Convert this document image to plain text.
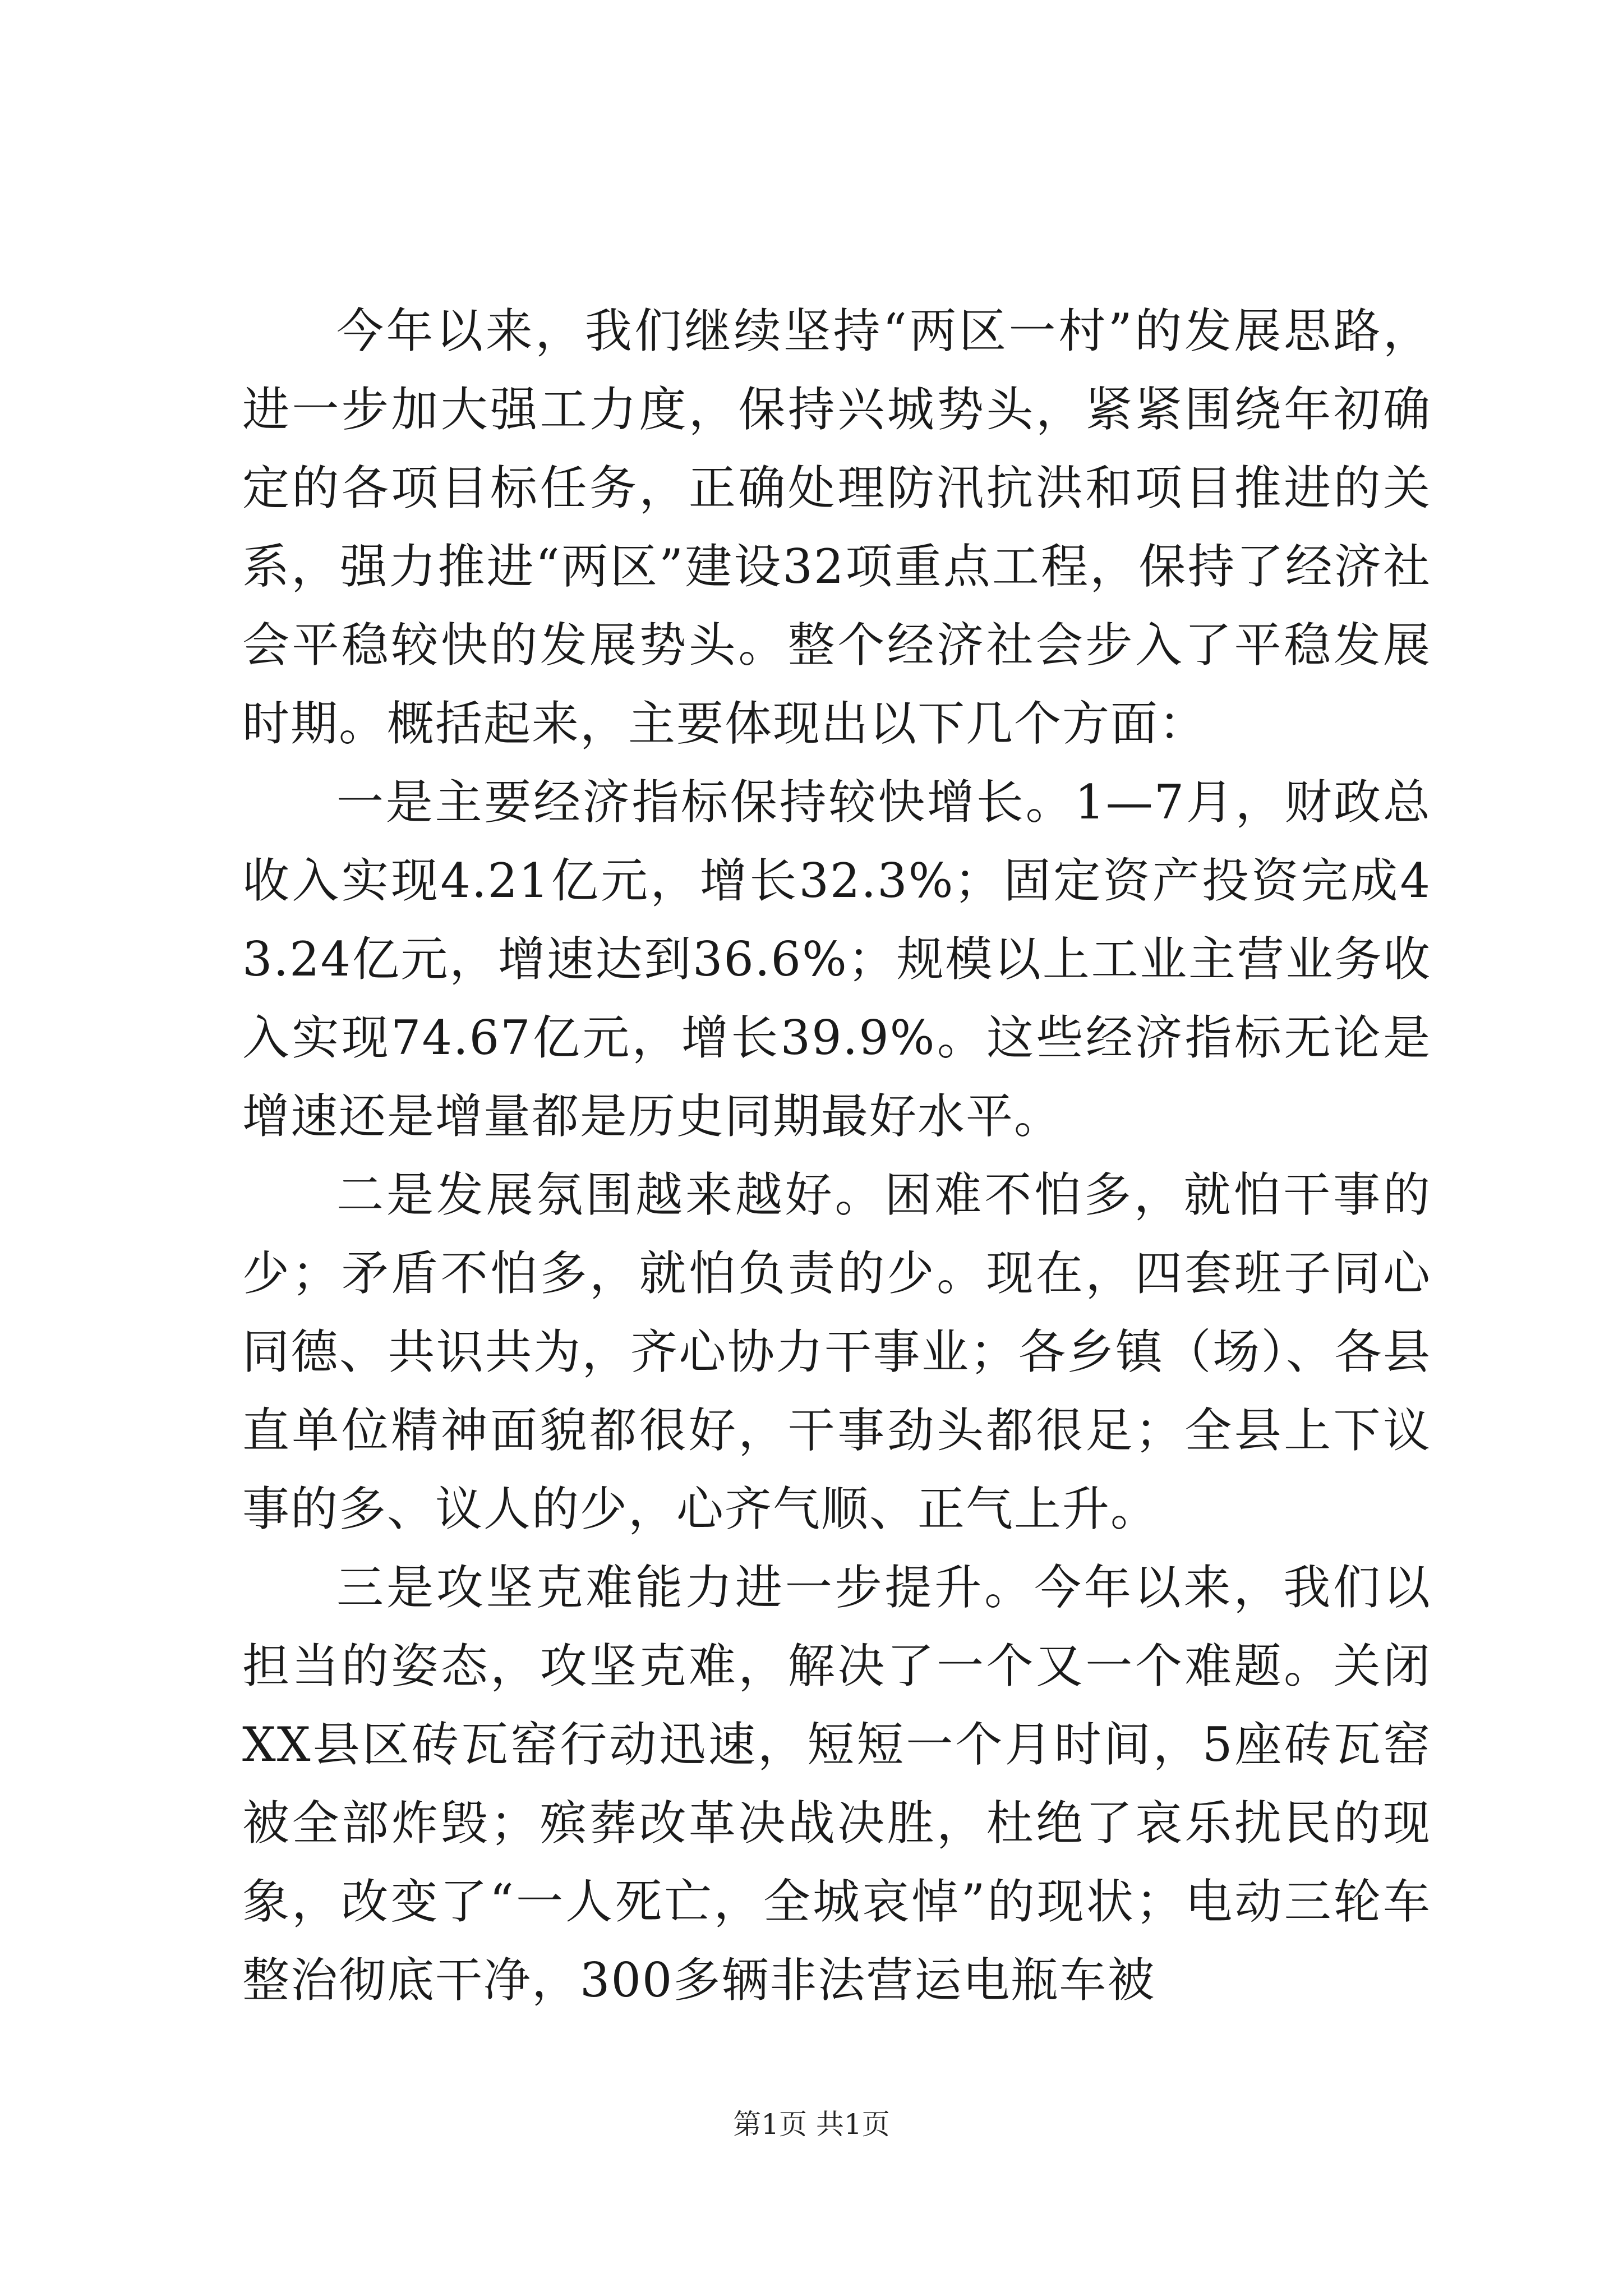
今年以来，我们继续坚持“两区一村”的发展思路，进一步加大强工力度，保持兴城势头，紧紧围绕年初确定的各项目标任务，正确处理防汛抗洪和项目推进的关系，强力推进“两区”建设32项重点工程，保持了经济社会平稳较快的发展势头。整个经济社会步入了平稳发展时期。概括起来，主要体现出以下几个方面：

一是主要经济指标保持较快增长。1—7月，财政总收入实现4.21亿元，增长32.3%；固定资产投资完成43.24亿元，增速达到36.6%；规模以上工业主营业务收入实现74.67亿元，增长39.9%。这些经济指标无论是增速还是增量都是历史同期最好水平。

二是发展氛围越来越好。困难不怕多，就怕干事的少；矛盾不怕多，就怕负责的少。现在，四套班子同心同德、共识共为，齐心协力干事业；各乡镇（场）、各县直单位精神面貌都很好，干事劲头都很足；全县上下议事的多、议人的少，心齐气顺、正气上升。

三是攻坚克难能力进一步提升。今年以来，我们以担当的姿态，攻坚克难，解决了一个又一个难题。关闭XX县区砖瓦窑行动迅速，短短一个月时间，5座砖瓦窑被全部炸毁；殡葬改革决战决胜，杜绝了哀乐扰民的现象，改变了“一人死亡，全城哀悼”的现状；电动三轮车整治彻底干净，300多辆非法营运电瓶车被

第1页 共1页
